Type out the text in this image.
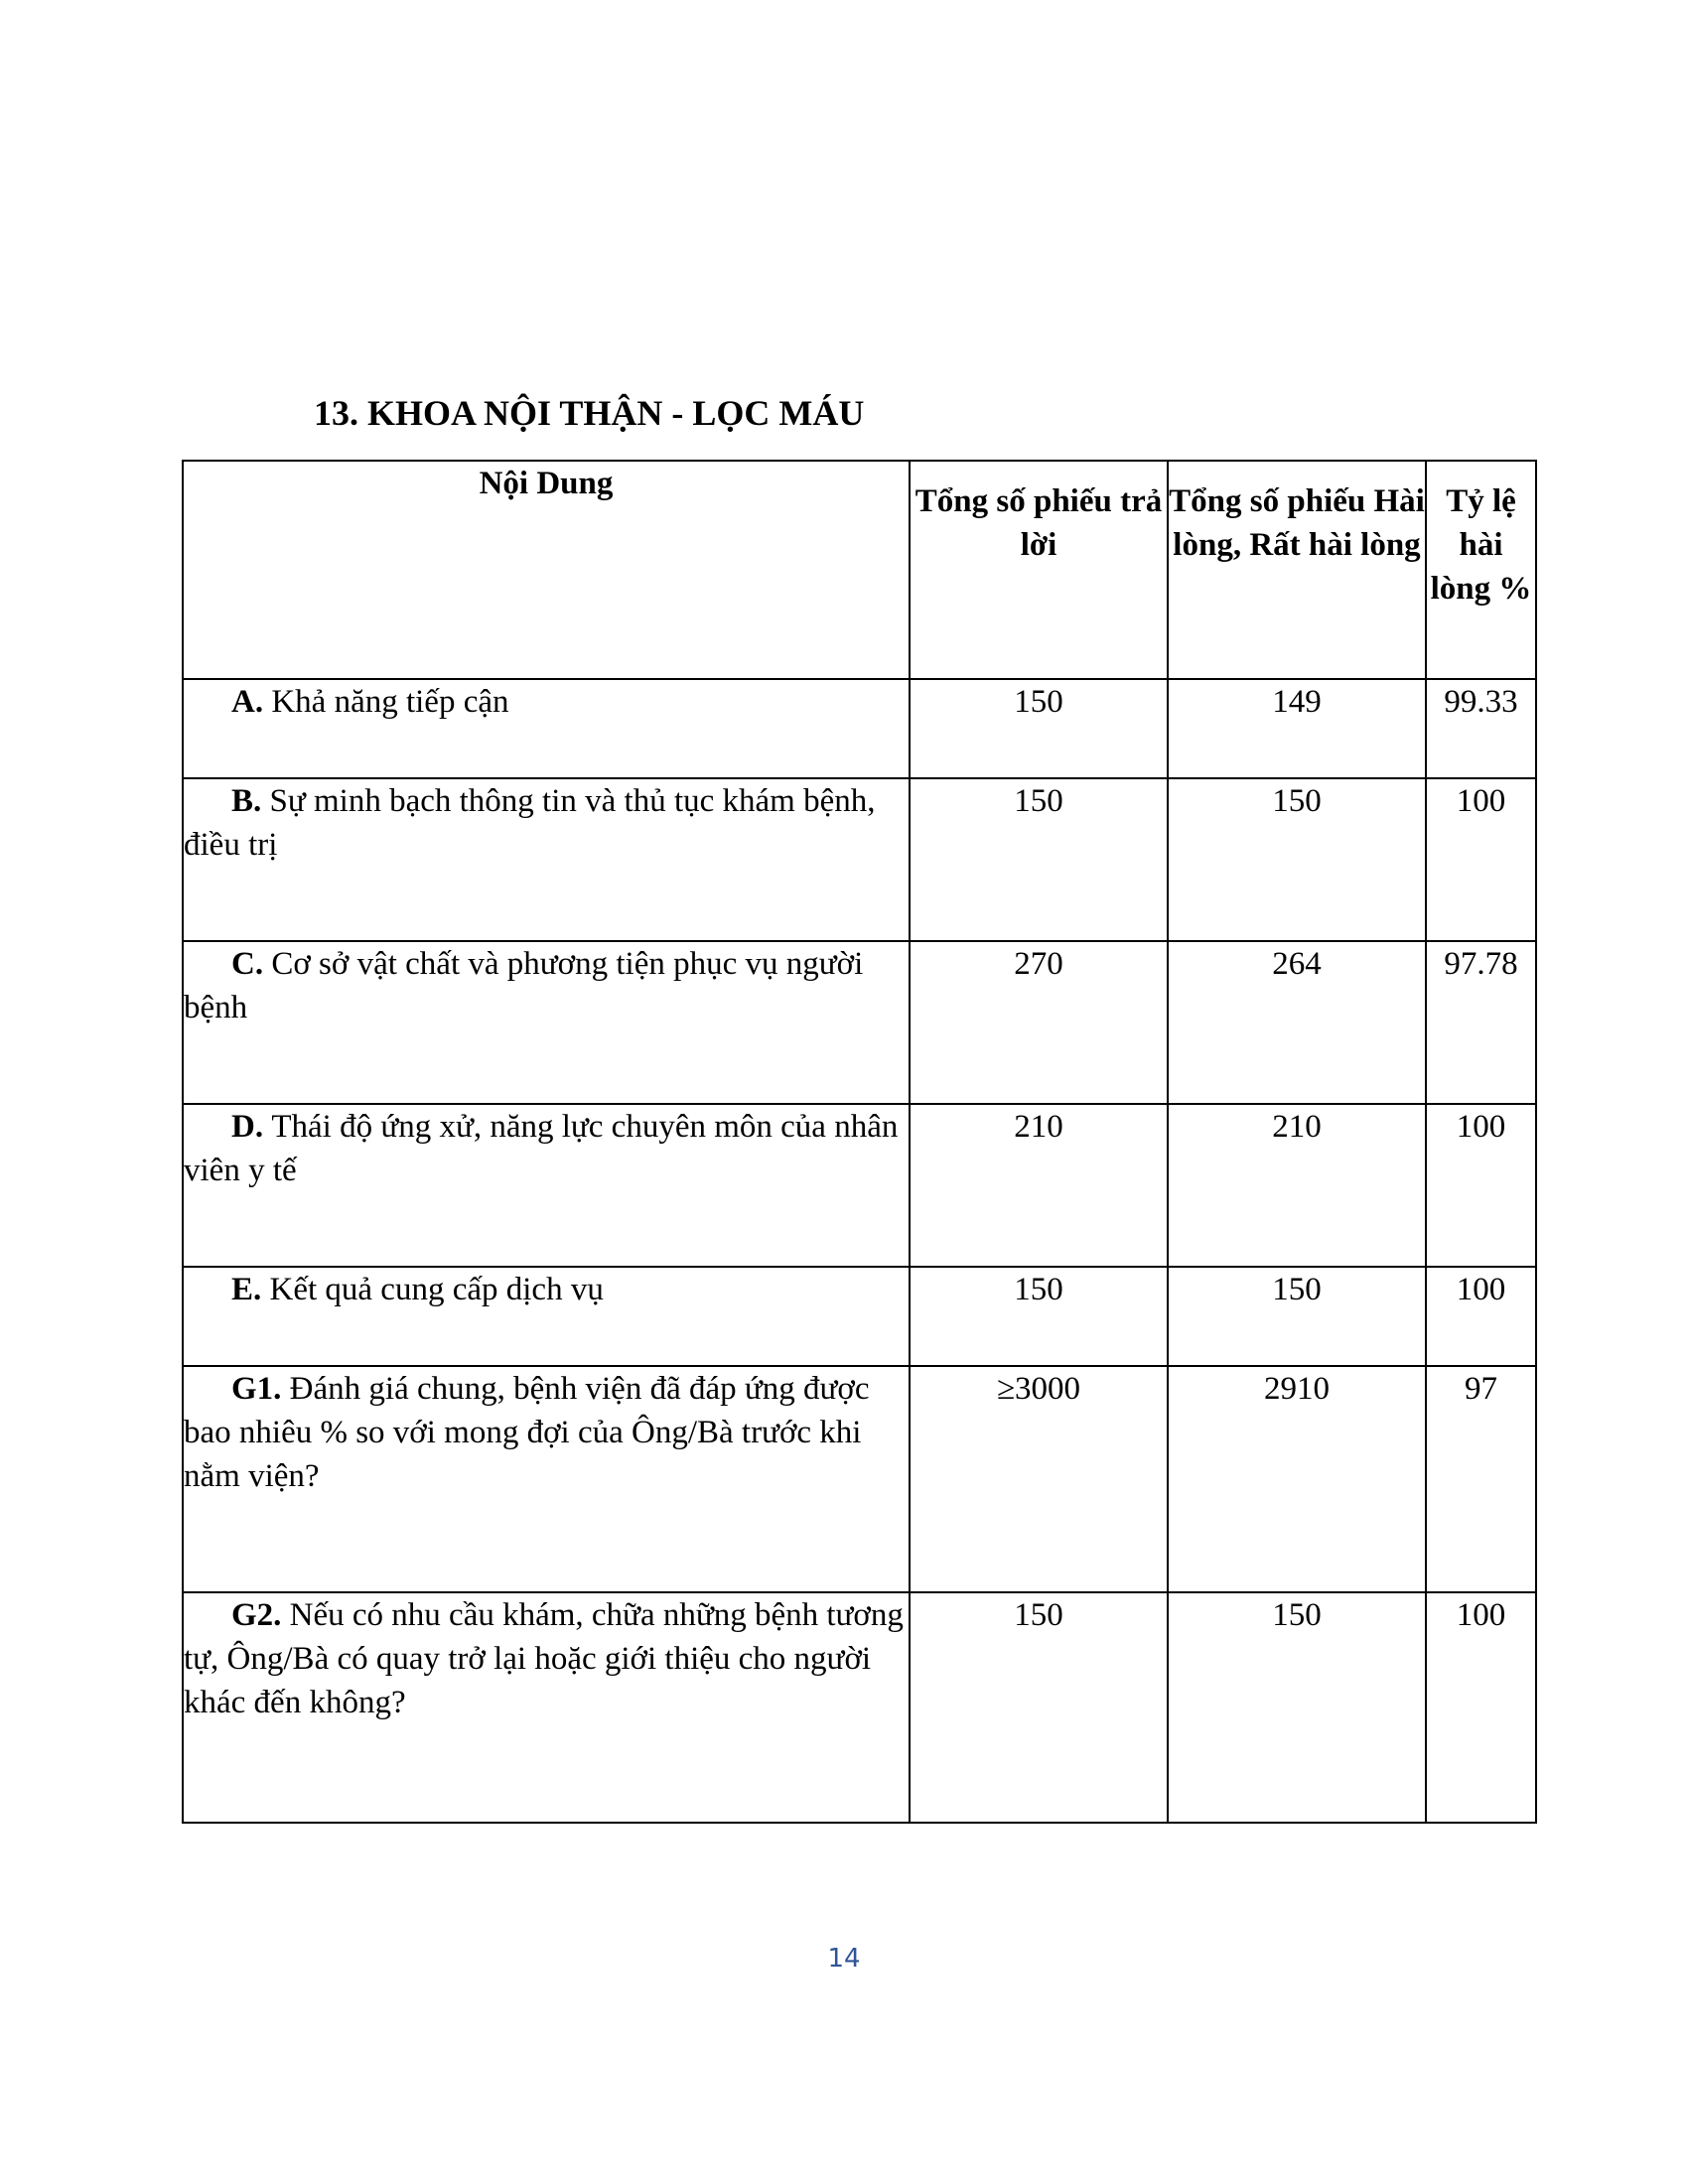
13. KHOA NỘI THẬN - LỌC MÁU
Nội Dung	Tổng số phiếu trả lời	Tổng số phiếu Hài lòng, Rất hài lòng	Tỷ lệ hài lòng %

A. Khả năng tiếp cận	150	149	99.33
B. Sự minh bạch thông tin và thủ tục khám bệnh, điều trị	150	150	100
C. Cơ sở vật chất và phương tiện phục vụ người bệnh	270	264	97.78
D. Thái độ ứng xử, năng lực chuyên môn của nhân viên y tế	210	210	100
E. Kết quả cung cấp dịch vụ	150	150	100
G1. Đánh giá chung, bệnh viện đã đáp ứng được bao nhiêu % so với mong đợi của Ông/Bà trước khi nằm viện?	≥3000	2910	97
G2. Nếu có nhu cầu khám, chữa những bệnh tương tự, Ông/Bà có quay trở lại hoặc giới thiệu cho người khác đến không?	150	150	100
14
